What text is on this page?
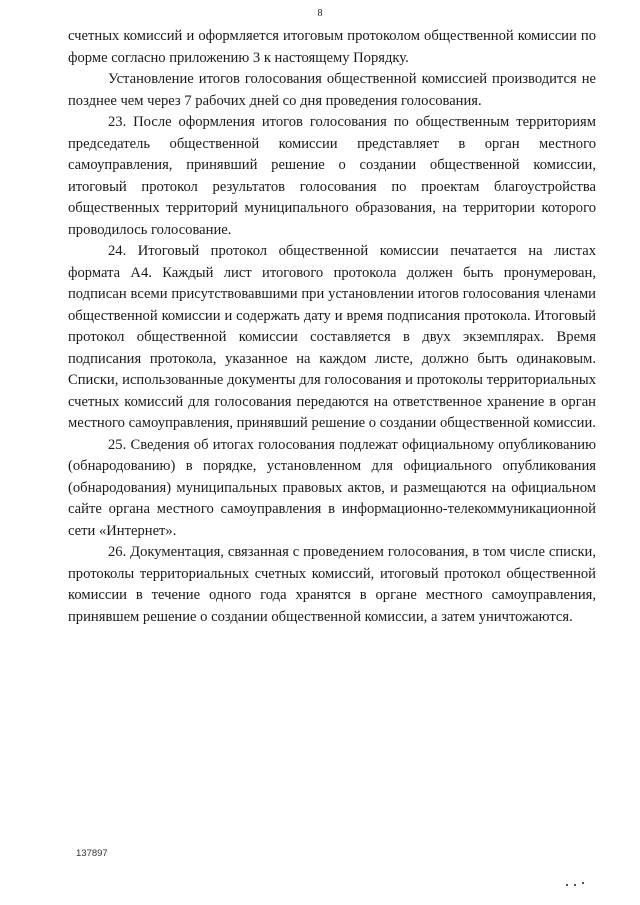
8

счетных комиссий и оформляется итоговым протоколом общественной комиссии по форме согласно приложению 3 к настоящему Порядку.

Установление итогов голосования общественной комиссией производится не позднее чем через 7 рабочих дней со дня проведения голосования.

23. После оформления итогов голосования по общественным территориям председатель общественной комиссии представляет в орган местного самоуправления, принявший решение о создании общественной комиссии, итоговый протокол результатов голосования по проектам благоустройства общественных территорий муниципального образования, на территории которого проводилось голосование.

24. Итоговый протокол общественной комиссии печатается на листах формата А4. Каждый лист итогового протокола должен быть пронумерован, подписан всеми присутствовавшими при установлении итогов голосования членами общественной комиссии и содержать дату и время подписания протокола. Итоговый протокол общественной комиссии составляется в двух экземплярах. Время подписания протокола, указанное на каждом листе, должно быть одинаковым. Списки, использованные документы для голосования и протоколы территориальных счетных комиссий для голосования передаются на ответственное хранение в орган местного самоуправления, принявший решение о создании общественной комиссии.

25. Сведения об итогах голосования подлежат официальному опубликованию (обнародованию) в порядке, установленном для официального опубликования (обнародования) муниципальных правовых актов, и размещаются на официальном сайте органа местного самоуправления в информационно-телекоммуникационной сети «Интернет».

26. Документация, связанная с проведением голосования, в том числе списки, протоколы территориальных счетных комиссий, итоговый протокол общественной комиссии в течение одного года хранятся в органе местного самоуправления, принявшем решение о создании общественной комиссии, а затем уничтожаются.

137897
